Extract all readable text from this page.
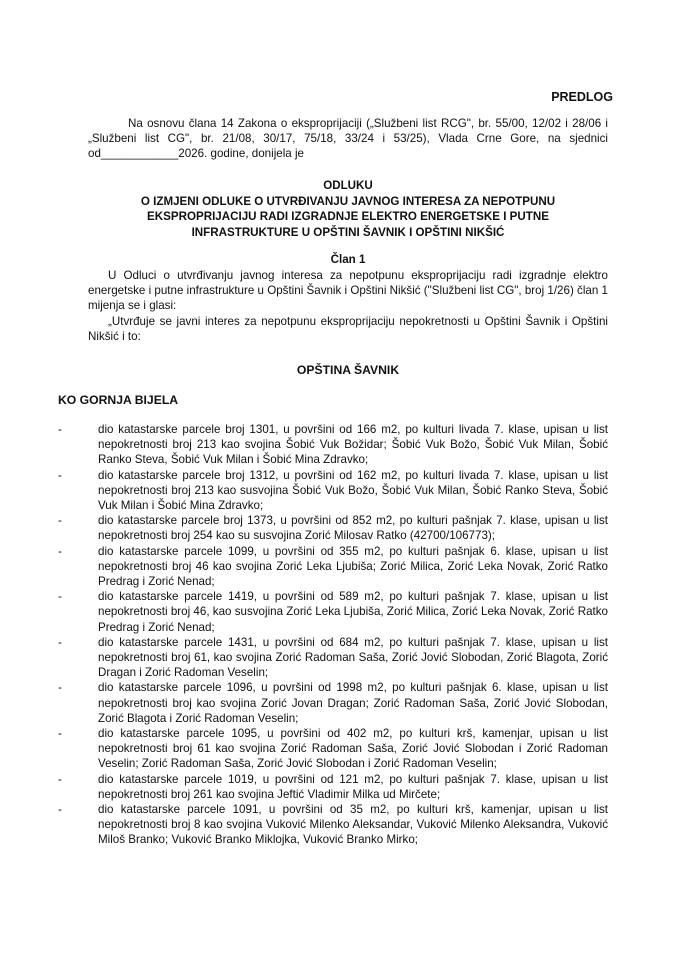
PREDLOG
Na osnovu člana 14 Zakona o eksproprijaciji („Službeni list RCG", br. 55/00, 12/02 i 28/06 i „Službeni list CG", br. 21/08, 30/17, 75/18, 33/24 i 53/25), Vlada Crne Gore, na sjednici od____________2026. godine, donijela je
ODLUKU
O IZMJENI ODLUKE O UTVRĐIVANJU JAVNOG INTERESA ZA NEPOTPUNU
EKSPROPRIJACIJU RADI IZGRADNJE ELEKTRO ENERGETSKE I PUTNE
INFRASTRUKTURE U OPŠTINI ŠAVNIK I OPŠTINI NIKŠIĆ
Član 1
U Odluci o utvrđivanju javnog interesa za nepotpunu eksproprijaciju radi izgradnje elektro energetske i putne infrastrukture u Opštini Šavnik i Opštini Nikšić ("Službeni list CG", broj 1/26) član 1 mijenja se i glasi:
„Utvrđuje se javni interes za nepotpunu eksproprijaciju nepokretnosti u Opštini Šavnik i Opštini Nikšić i to:
OPŠTINA ŠAVNIK
KO GORNJA BIJELA
-	dio katastarske parcele broj 1301, u površini od 166 m2, po kulturi livada 7. klase, upisan u list nepokretnosti broj 213 kao svojina Šobić Vuk Božidar; Šobić Vuk Božo, Šobić Vuk Milan, Šobić Ranko Steva, Šobić Vuk Milan i Šobić Mina Zdravko;
-	dio katastarske parcele broj 1312, u površini od 162 m2, po kulturi livada 7. klase, upisan u list nepokretnosti broj 213 kao susvojina Šobić Vuk Božo, Šobić Vuk Milan, Šobić Ranko Steva, Šobić Vuk Milan i Šobić Mina Zdravko;
-	dio katastarske parcele broj 1373, u površini od 852 m2, po kulturi pašnjak 7. klase, upisan u list nepokretnosti broj 254 kao su susvojina Zorić Milosav Ratko (42700/106773);
-	dio katastarske parcele 1099, u površini od 355 m2, po kulturi pašnjak 6. klase, upisan u list nepokretnosti broj 46 kao svojina Zorić Leka Ljubiša; Zorić Milica, Zorić Leka Novak, Zorić Ratko Predrag i Zorić Nenad;
-	dio katastarske parcele 1419, u površini od 589 m2, po kulturi pašnjak 7. klase, upisan u list nepokretnosti broj 46, kao susvojina Zorić Leka Ljubiša, Zorić Milica, Zorić Leka Novak, Zorić Ratko Predrag i Zorić Nenad;
-	dio katastarske parcele 1431, u površini od 684 m2, po kulturi pašnjak 7. klase, upisan u list nepokretnosti broj 61, kao svojina Zorić Radoman Saša, Zorić Jović Slobodan, Zorić Blagota, Zorić Dragan i Zorić Radoman Veselin;
-	dio katastarske parcele 1096, u površini od 1998 m2, po kulturi pašnjak 6. klase, upisan u list nepokretnosti broj kao svojina Zorić Jovan Dragan; Zorić Radoman Saša, Zorić Jović Slobodan, Zorić Blagota i Zorić Radoman Veselin;
-	dio katastarske parcele 1095, u površini od 402 m2, po kulturi krš, kamenjar, upisan u list nepokretnosti broj 61 kao svojina Zorić Radoman Saša, Zorić Jović Slobodan i Zorić Radoman Veselin; Zorić Radoman Saša, Zorić Jović Slobodan i Zorić Radoman Veselin;
-	dio katastarske parcele 1019, u površini od 121 m2, po kulturi pašnjak 7. klase, upisan u list nepokretnosti broj 261 kao svojina Jeftić Vladimir Milka ud Mirčete;
-	dio katastarske parcele 1091, u površini od 35 m2, po kulturi krš, kamenjar, upisan u list nepokretnosti broj 8 kao svojina Vuković Milenko Aleksandar, Vuković Milenko Aleksandra, Vuković Miloš Branko; Vuković Branko Miklojka, Vuković Branko Mirko;
